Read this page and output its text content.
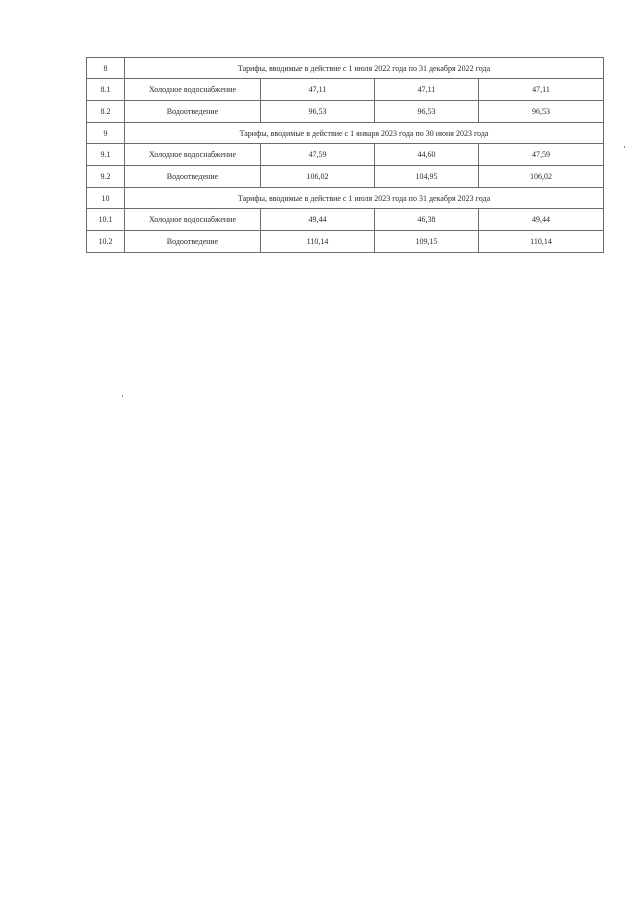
8	Тарифы, вводимые в действие с 1 июля 2022 года по 31 декабря 2022 года			
8.1	Холодное водоснабжение	47,11	47,11	47,11
8.2	Водоотведение	96,53	96,53	96,53
9	Тарифы, вводимые в действие с 1 января 2023 года по 30 июня 2023 года			
9.1	Холодное водоснабжение	47,59	44,60	47,59
9.2	Водоотведение	106,02	104,95	106,02
10	Тарифы, вводимые в действие с 1 июля 2023 года по 31 декабря 2023 года			
10.1	Холодное водоснабжение	49,44	46,38	49,44
10.2	Водоотведение	110,14	109,15	110,14
